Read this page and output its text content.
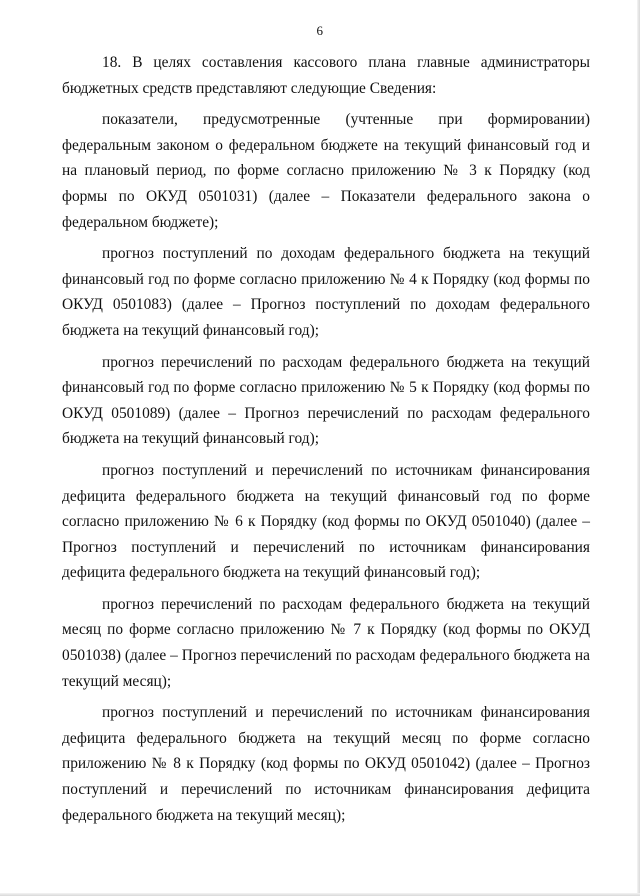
6

18. В целях составления кассового плана главные администраторы бюджетных средств представляют следующие Сведения:

показатели, предусмотренные (учтенные при формировании) федеральным законом о федеральном бюджете на текущий финансовый год и на плановый период, по форме согласно приложению № 3 к Порядку (код формы по ОКУД 0501031) (далее – Показатели федерального закона о федеральном бюджете);

прогноз поступлений по доходам федерального бюджета на текущий финансовый год по форме согласно приложению № 4 к Порядку (код формы по ОКУД 0501083) (далее – Прогноз поступлений по доходам федерального бюджета на текущий финансовый год);

прогноз перечислений по расходам федерального бюджета на текущий финансовый год по форме согласно приложению № 5 к Порядку (код формы по ОКУД 0501089) (далее – Прогноз перечислений по расходам федерального бюджета на текущий финансовый год);

прогноз поступлений и перечислений по источникам финансирования дефицита федерального бюджета на текущий финансовый год по форме согласно приложению № 6 к Порядку (код формы по ОКУД 0501040) (далее – Прогноз поступлений и перечислений по источникам финансирования дефицита федерального бюджета на текущий финансовый год);

прогноз перечислений по расходам федерального бюджета на текущий месяц по форме согласно приложению № 7 к Порядку (код формы по ОКУД 0501038) (далее – Прогноз перечислений по расходам федерального бюджета на текущий месяц);

прогноз поступлений и перечислений по источникам финансирования дефицита федерального бюджета на текущий месяц по форме согласно приложению № 8 к Порядку (код формы по ОКУД 0501042) (далее – Прогноз поступлений и перечислений по источникам финансирования дефицита федерального бюджета на текущий месяц);
